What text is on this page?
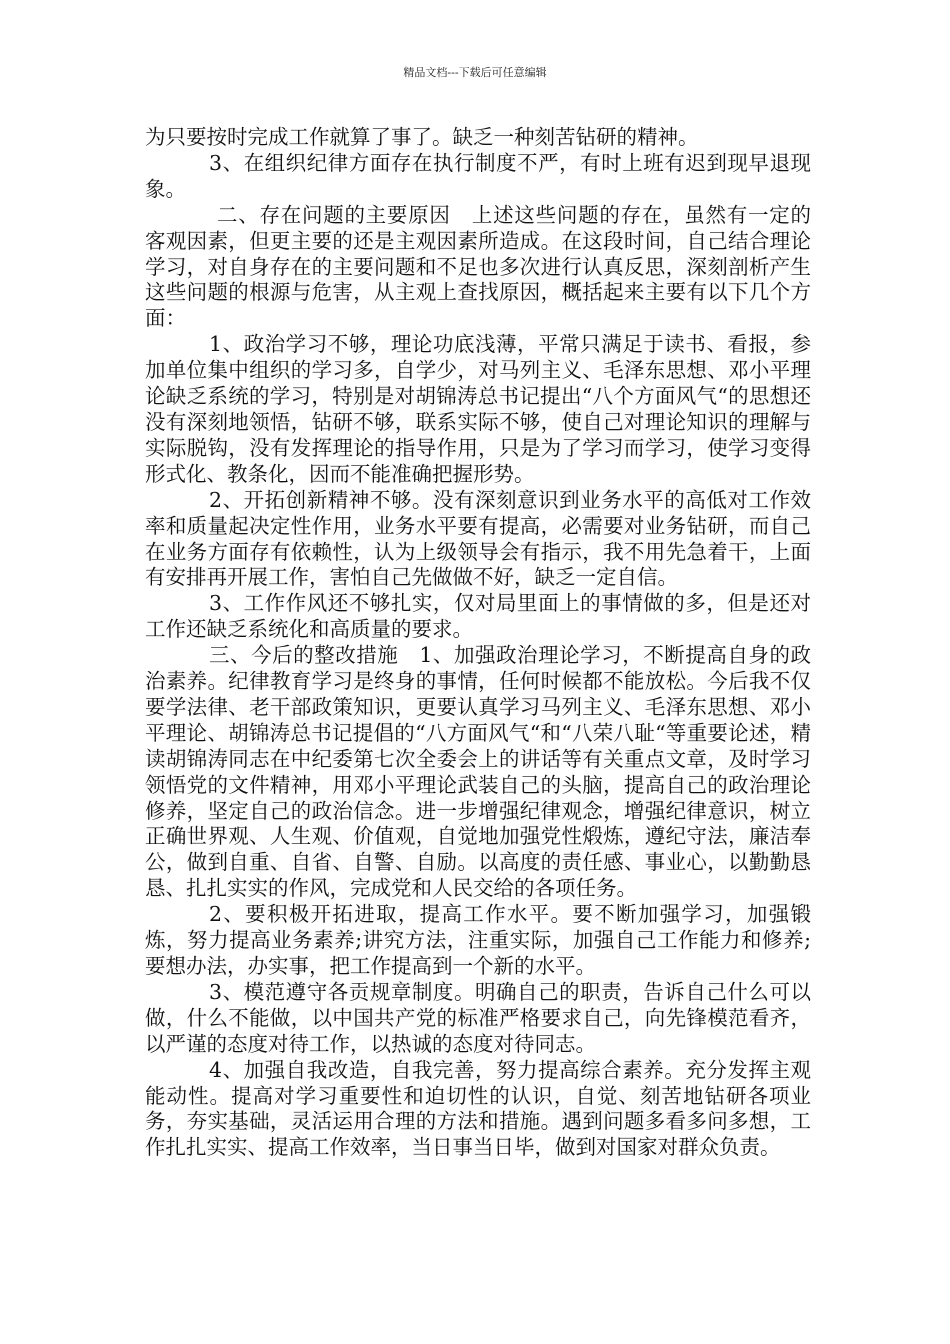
精品文档---下载后可任意编辑

为只要按时完成工作就算了事了。缺乏一种刻苦钻研的精神。

3、在组织纪律方面存在执行制度不严，有时上班有迟到现早退现象。

二、存在问题的主要原因　上述这些问题的存在，虽然有一定的客观因素，但更主要的还是主观因素所造成。在这段时间，自己结合理论学习，对自身存在的主要问题和不足也多次进行认真反思，深刻剖析产生这些问题的根源与危害，从主观上查找原因，概括起来主要有以下几个方面：

1、政治学习不够，理论功底浅薄，平常只满足于读书、看报，参加单位集中组织的学习多，自学少，对马列主义、毛泽东思想、邓小平理论缺乏系统的学习，特别是对胡锦涛总书记提出“八个方面风气“的思想还没有深刻地领悟，钻研不够，联系实际不够，使自己对理论知识的理解与实际脱钩，没有发挥理论的指导作用，只是为了学习而学习，使学习变得形式化、教条化，因而不能准确把握形势。

2、开拓创新精神不够。没有深刻意识到业务水平的高低对工作效率和质量起决定性作用，业务水平要有提高，必需要对业务钻研，而自己在业务方面存有依赖性，认为上级领导会有指示，我不用先急着干，上面有安排再开展工作，害怕自己先做做不好，缺乏一定自信。

3、工作作风还不够扎实，仅对局里面上的事情做的多，但是还对工作还缺乏系统化和高质量的要求。

三、今后的整改措施　1、加强政治理论学习，不断提高自身的政治素养。纪律教育学习是终身的事情，任何时候都不能放松。今后我不仅要学法律、老干部政策知识，更要认真学习马列主义、毛泽东思想、邓小平理论、胡锦涛总书记提倡的“八方面风气“和“八荣八耻“等重要论述，精读胡锦涛同志在中纪委第七次全委会上的讲话等有关重点文章，及时学习领悟党的文件精神，用邓小平理论武装自己的头脑，提高自己的政治理论修养，坚定自己的政治信念。进一步增强纪律观念，增强纪律意识，树立正确世界观、人生观、价值观，自觉地加强党性煅炼，遵纪守法，廉洁奉公，做到自重、自省、自警、自励。以高度的责任感、事业心，以勤勤恳恳、扎扎实实的作风，完成党和人民交给的各项任务。

2、要积极开拓进取，提高工作水平。要不断加强学习，加强锻炼，努力提高业务素养;讲究方法，注重实际，加强自己工作能力和修养;要想办法，办实事，把工作提高到一个新的水平。

3、模范遵守各贡规章制度。明确自己的职责，告诉自己什么可以做，什么不能做，以中国共产党的标准严格要求自己，向先锋模范看齐，以严谨的态度对待工作，以热诚的态度对待同志。

4、加强自我改造，自我完善，努力提高综合素养。充分发挥主观能动性。提高对学习重要性和迫切性的认识，自觉、刻苦地钻研各项业务，夯实基础，灵活运用合理的方法和措施。遇到问题多看多问多想，工作扎扎实实、提高工作效率，当日事当日毕，做到对国家对群众负责。
